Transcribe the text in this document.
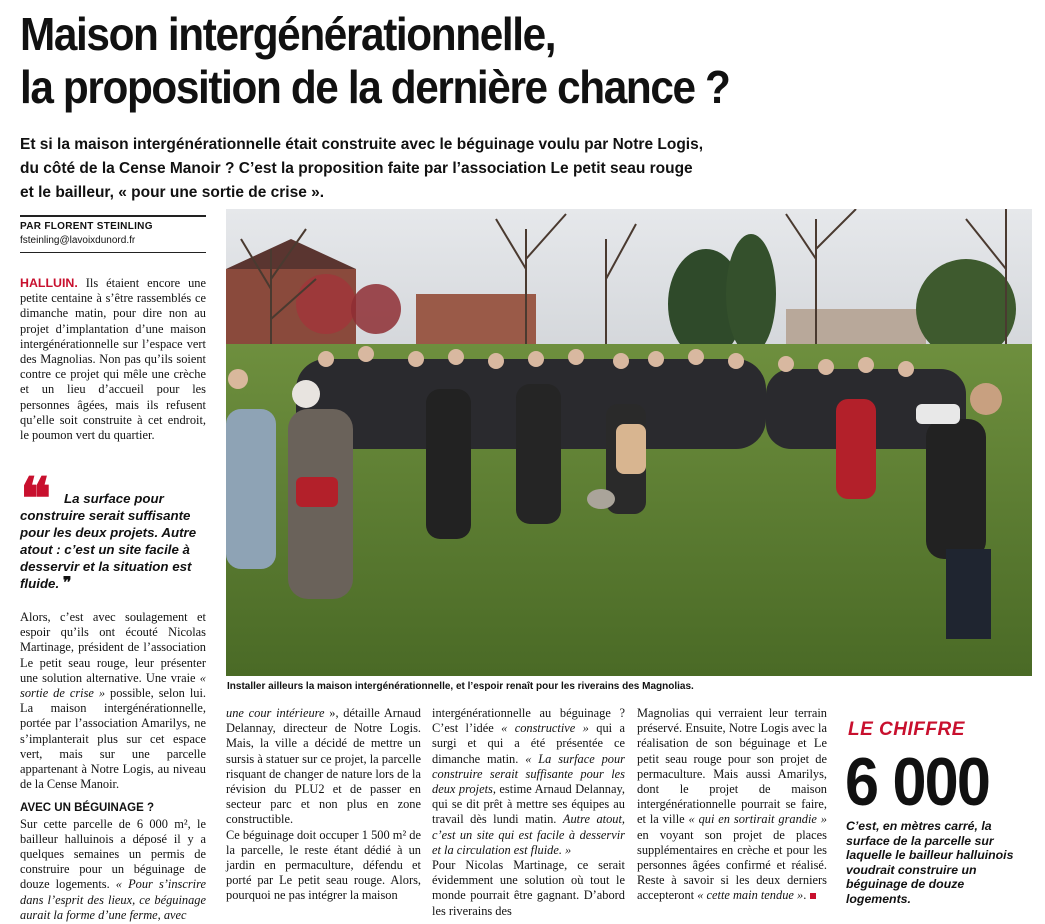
Maison intergénérationnelle,
la proposition de la dernière chance ?

Et si la maison intergénérationnelle était construite avec le béguinage voulu par Notre Logis,
du côté de la Cense Manoir ? C’est la proposition faite par l’association Le petit seau rouge
et le bailleur, « pour une sortie de crise ».

PAR FLORENT STEINLING
fsteinling@lavoixdunord.fr

HALLUIN. Ils étaient encore une petite centaine à s’être rassemblés ce dimanche matin, pour dire non au projet d’implantation d’une maison intergénérationnelle sur l’espace vert des Magnolias. Non pas qu’ils soient contre ce projet qui mêle une crèche et un lieu d’accueil pour les personnes âgées, mais ils refusent qu’elle soit construite à cet endroit, le poumon vert du quartier.

❝	La surface pour construire serait suffisante pour les deux projets. Autre atout : c’est un site facile à desservir et la situation est fluide. ❞

Alors, c’est avec soulagement et espoir qu’ils ont écouté Nicolas Martinage, président de l’association Le petit seau rouge, leur présenter une solution alternative. Une vraie « sortie de crise » possible, selon lui. La maison intergénérationnelle, portée par l’association Amarilys, ne s’implanterait plus sur cet espace vert, mais sur une parcelle appartenant à Notre Logis, au niveau de la Cense Manoir.

AVEC UN BÉGUINAGE ?

Sur cette parcelle de 6 000 m², le bailleur halluinois a déposé il y a quelques semaines un permis de construire pour un béguinage de douze logements. « Pour s’inscrire dans l’esprit des lieux, ce béguinage aurait la forme d’une ferme, avec

Installer ailleurs la maison intergénérationnelle, et l’espoir renaît pour les riverains des Magnolias.

une cour intérieure », détaille Arnaud Delannay, directeur de Notre Logis. Mais, la ville a décidé de mettre un sursis à statuer sur ce projet, la parcelle risquant de changer de nature lors de la révision du PLU2 et de passer en secteur parc et non plus en zone constructible.

Ce béguinage doit occuper 1 500 m² de la parcelle, le reste étant dédié à un jardin en permaculture, défendu et porté par Le petit seau rouge. Alors, pourquoi ne pas intégrer la maison

intergénérationnelle au béguinage ? C’est l’idée « constructive » qui a surgi et qui a été présentée ce dimanche matin. « La surface pour construire serait suffisante pour les deux projets, estime Arnaud Delannay, qui se dit prêt à mettre ses équipes au travail dès lundi matin. Autre atout, c’est un site qui est facile à desservir et la circulation est fluide. »

Pour Nicolas Martinage, ce serait évidemment une solution où tout le monde pourrait être gagnant. D’abord les riverains des

Magnolias qui verraient leur terrain préservé. Ensuite, Notre Logis avec la réalisation de son béguinage et Le petit seau rouge pour son projet de permaculture. Mais aussi Amarilys, dont le projet de maison intergénérationnelle pourrait se faire, et la ville « qui en sortirait grandie » en voyant son projet de places supplémentaires en crèche et pour les personnes âgées confirmé et réalisé. Reste à savoir si les deux derniers accepteront « cette main tendue ».

LE CHIFFRE
6 000
C’est, en mètres carré, la surface de la parcelle sur laquelle le bailleur halluinois voudrait construire un béguinage de douze logements.
